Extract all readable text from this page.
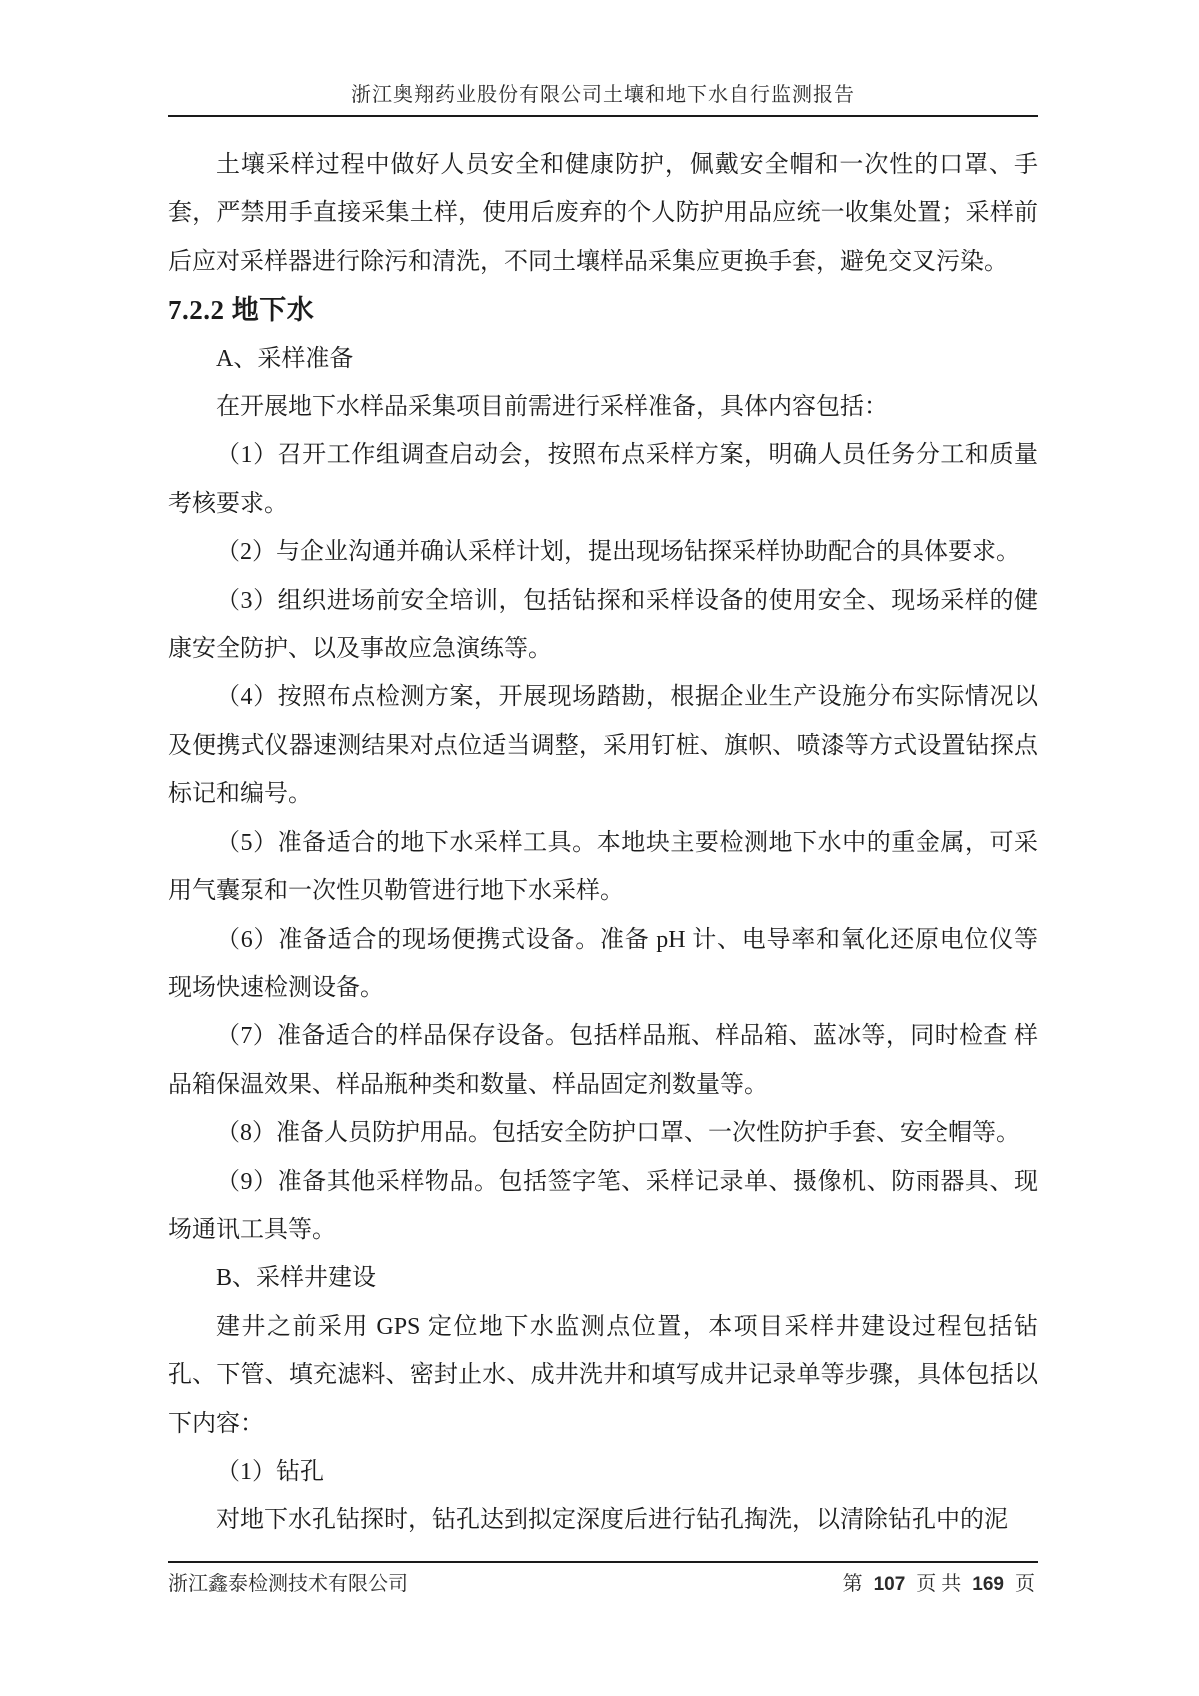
浙江奥翔药业股份有限公司土壤和地下水自行监测报告

土壤采样过程中做好人员安全和健康防护，佩戴安全帽和一次性的口罩、手套，严禁用手直接采集土样，使用后废弃的个人防护用品应统一收集处置；采样前后应对采样器进行除污和清洗，不同土壤样品采集应更换手套，避免交叉污染。

7.2.2 地下水

A、采样准备

在开展地下水样品采集项目前需进行采样准备，具体内容包括：

（1）召开工作组调查启动会，按照布点采样方案，明确人员任务分工和质量考核要求。

（2）与企业沟通并确认采样计划，提出现场钻探采样协助配合的具体要求。

（3）组织进场前安全培训，包括钻探和采样设备的使用安全、现场采样的健康安全防护、以及事故应急演练等。

（4）按照布点检测方案，开展现场踏勘，根据企业生产设施分布实际情况以及便携式仪器速测结果对点位适当调整，采用钉桩、旗帜、喷漆等方式设置钻探点标记和编号。

（5）准备适合的地下水采样工具。本地块主要检测地下水中的重金属，可采用气囊泵和一次性贝勒管进行地下水采样。

（6）准备适合的现场便携式设备。准备 pH 计、电导率和氧化还原电位仪等 现场快速检测设备。

（7）准备适合的样品保存设备。包括样品瓶、样品箱、蓝冰等，同时检查 样品箱保温效果、样品瓶种类和数量、样品固定剂数量等。

（8）准备人员防护用品。包括安全防护口罩、一次性防护手套、安全帽等。

（9）准备其他采样物品。包括签字笔、采样记录单、摄像机、防雨器具、现场通讯工具等。

B、采样井建设

建井之前采用 GPS 定位地下水监测点位置，本项目采样井建设过程包括钻孔、下管、填充滤料、密封止水、成井洗井和填写成井记录单等步骤，具体包括以下内容：

（1）钻孔

对地下水孔钻探时，钻孔达到拟定深度后进行钻孔掏洗，以清除钻孔中的泥

浙江鑫泰检测技术有限公司	第 107 页 共 169 页
